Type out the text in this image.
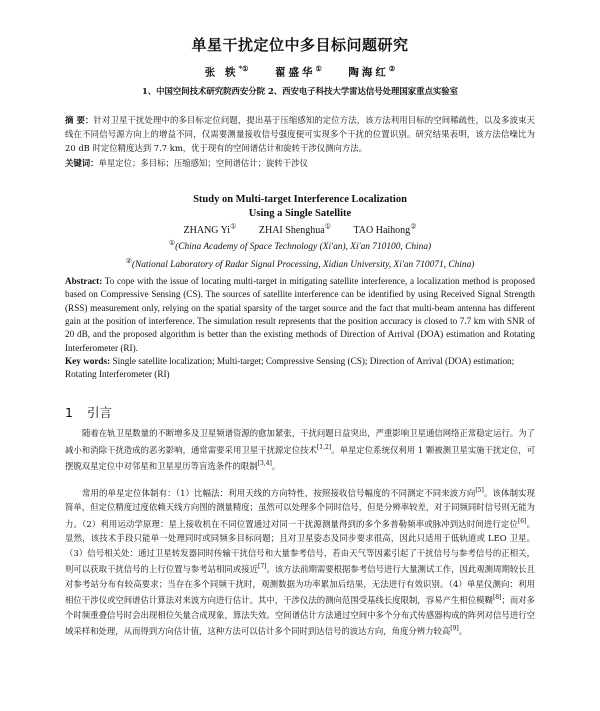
单星干扰定位中多目标问题研究
张 轶*①	翟盛华①	陶海红②
1、中国空间技术研究院西安分院 2、西安电子科技大学雷达信号处理国家重点实验室
摘 要：针对卫星干扰处理中的多目标定位问题，提出基于压缩感知的定位方法，该方法利用目标的空间稀疏性，以及多波束天线在不同信号源方向上的增益不同，仅需要测量接收信号强度便可实现多个干扰的位置识别。研究结果表明，该方法信噪比为 20 dB 时定位精度达到 7.7 km，优于现有的空间谱估计和旋转干涉仪测向方法。
关键词：单星定位；多目标；压缩感知；空间谱估计；旋转干涉仪
Study on Multi-target Interference Localization
Using a Single Satellite
ZHANG Yi① ZHAI Shenghua① TAO Haihong②
①(China Academy of Space Technology (Xi'an), Xi'an 710100, China)
②(National Laboratory of Radar Signal Processing, Xidian University, Xi'an 710071, China)
Abstract: To cope with the issue of locating multi-target in mitigating satellite interference, a localization method is proposed based on Compressive Sensing (CS). The sources of satellite interference can be identified by using Received Signal Strength (RSS) measurement only, relying on the spatial sparsity of the target source and the fact that multi-beam antenna has different gain at the position of interference. The simulation result represents that the position accuracy is closed to 7.7 km with SNR of 20 dB, and the proposed algorithm is better than the existing methods of Direction of Arrival (DOA) estimation and Rotating Interferometer (RI).
Key words: Single satellite localization; Multi-target; Compressive Sensing (CS); Direction of Arrival (DOA) estimation; Rotating Interferometer (RI)
1 引言

随着在轨卫星数量的不断增多及卫星频谱资源的愈加紧张，干扰问题日益突出，严重影响卫星通信网络正常稳定运行。为了减小和消除干扰造成的恶劣影响，通常需要采用卫星干扰源定位技术[1,2]。单星定位系统仅利用 1 颗被测卫星实施干扰定位，可摆脱双星定位中对邻星和卫星星历等盲选条件的限制[3,4]。

常用的单星定位体制有：（1）比幅法：利用天线的方向特性，按照接收信号幅度的不同测定不同来波方向[5]。该体制实现简单，但定位精度过度依赖天线方向图的测量精度；虽然可以处理多个同时信号，但是分辨率较差，对于同频同时信号则无能为力。（2）利用运动学原理：星上接收机在不同位置通过对同一干扰源测量得到的多个多普勒频率或脉冲到达时间进行定位[6]。显然，该技术手段只能单一处理同时或同频多目标问题；且对卫星姿态及同步要求很高，因此只适用于低轨道或 LEO 卫星。（3）信号相关处：通过卫星转发器同时传输干扰信号和大量参考信号，若由天气等因素引起了干扰信号与参考信号的正相关，则可以获取干扰信号的上行位置与参考站相同或接近[7]。该方法前期需要根据参考信号进行大量测试工作，因此观测周期较长且对参考站分布有较高要求；当存在多个同频干扰时，观测数据为功率累加后结果，无法进行有效识别。（4）单星仪测向：利用相位干涉仪或空间谱估计算法对来波方向进行估计。其中，干涉仪法的测向范围受基线长度限制，容易产生相位模糊[8]；而对多个时频重叠信号时会出现相位矢量合成现象，算法失效。空间谱估计方法通过空间中多个分布式传感器构成的阵列对信号进行空域采样和处理，从而得到方向估计值，这种方法可以估计多个同时到达信号的波达方向，角度分辨力较高[9]。
